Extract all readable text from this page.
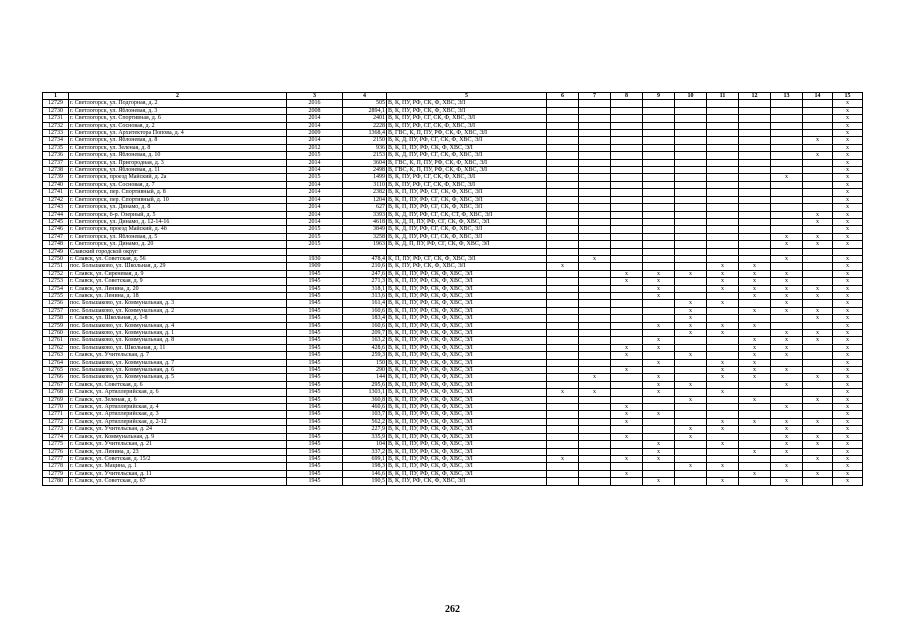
1	2	3	4	5	6	7	8	9	10	11	12	13	14	15
12729	г. Светлогорск, ул. Подгорная, д. 2	2016	505	В, К, ПУ, РФ, СК, Ф, ХВС, ЭЛ										х
12730	г. Светлогорск, ул. Яблоневая, д. 3	2008	2894,1	В, К, ПУ, РФ, СК, Ф, ХВС, ЭЛ										х
12731	г. Светлогорск, ул. Спортивная, д. 6	2014	2401	В, К, ПУ, РФ, СГ, СК, Ф, ХВС, ЭЛ										х
12732	г. Светлогорск, ул. Сосновая, д. 2	2014	2228	В, К, ПУ, РФ, СГ, СК, Ф, ХВС, ЭЛ										х
12733	г. Светлогорск, ул. Архитектора Попова, д. 4	2009	1368,4	В, ГВС, К, П, ПУ, РФ, СК, Ф, ХВС, ЭЛ										х
12734	г. Светлогорск, ул. Яблоневая, д. 8	2014	2150	В, К, Д, ПУ, РФ, СГ, СК, Ф, ХВС, ЭЛ									х	х
12735	г. Светлогорск, ул. Зеленая, д. 8	2012	936	В, К, П, ПУ, РФ, СК, Ф, ХВС, ЭЛ										х
12736	г. Светлогорск, ул. Яблоневая, д. 10	2015	2153	В, К, Д, ПУ, РФ, СГ, СК, Ф, ХВС, ЭЛ									х	х
12737	г. Светлогорск, ул. Пригородная, д. 3	2014	3604	В, ГВС, К, П, ПУ, РФ, СК, Ф, ХВС, ЭЛ										х
12738	г. Светлогорск, ул. Яблоневая, д. 11	2014	2498	В, ГВС, К, П, ПУ, РФ, СК, Ф, ХВС, ЭЛ										х
12739	г. Светлогорск, проезд Майский, д. 2а	2015	1499	В, К, ПУ, РФ, СГ, СК, Ф, ХВС, ЭЛ								х		х
12740	г. Светлогорск, ул. Сосновая, д. 7	2014	3110	В, К, ПУ, РФ, СГ, СК, Ф, ХВС, ЭЛ										х
12741	г. Светлогорск, пер. Спортивный, д. 8	2014	2382	В, К, П, ПУ, РФ, СГ, СК, Ф, ХВС, ЭЛ										х
12742	г. Светлогорск, пер. Спортивный, д. 10	2014	1204	В, К, П, ПУ, РФ, СГ, СК, Ф, ХВС, ЭЛ										х
12743	г. Светлогорск, ул. Динамо, д. 8	2014	627	В, К, П, ПУ, РФ, СГ, СК, Ф, ХВС, ЭЛ										х
12744	г. Светлогорск, б-р. Озерный, д. 5	2014	3393	В, К, Д, ПУ, РФ, СГ, СК, СТ, Ф, ХВС, ЭЛ									х	х
12745	г. Светлогорск, ул. Динамо, д. 12-14-16	2014	4618	В, К, Д, П, ПУ, РФ, СГ, СК, Ф, ХВС, ЭЛ									х	х
12746	г. Светлогорск, проезд Майский, д. 4б	2015	3849	В, К, Д, ПУ, РФ, СГ, СК, Ф, ХВС, ЭЛ										х
12747	г. Светлогорск, ул. Яблоневая, д. 5	2015	3258	В, К, Д, ПУ, РФ, СГ, СК, Ф, ХВС, ЭЛ								х	х	х
12748	г. Светлогорск, ул. Динамо, д. 20	2015	1963	В, К, Д, П, ПУ, РФ, СГ, СК, Ф, ХВС, ЭЛ								х	х	х
12749	Славский городской округ													
12750	г. Славск, ул. Советская, д. 56	1930	478,4	К, П, ПУ, РФ, СГ, СК, Ф, ХВС, ЭЛ		х						х		х
12751	пос. Большаково, ул. Школьная, д. 29	1909	210,6	В, К, ПУ, РФ, СК, Ф, ХВС, ЭЛ	х					х	х			х
12752	г. Славск, ул. Сиреневая, д. 9	1945	247,6	В, К, П, ПУ, РФ, СК, Ф, ХВС, ЭЛ			х	х	х	х	х	х		х
12753	г. Славск, ул. Советская, д. 9	1945	271,3	В, К, П, ПУ, РФ, СК, Ф, ХВС, ЭЛ			х	х		х	х	х		х
12754	г. Славск, ул. Ленина, д. 20	1945	318,1	В, К, П, ПУ, РФ, СК, Ф, ХВС, ЭЛ				х		х	х	х	х	х
12755	г. Славск, ул. Ленина, д. 18	1945	313,6	В, К, П, ПУ, РФ, СК, Ф, ХВС, ЭЛ				х			х	х	х	х
12756	пос. Большаково, ул. Коммунальная, д. 3	1945	161,4	В, К, П, ПУ, РФ, СК, Ф, ХВС, ЭЛ					х	х		х		х
12757	пос. Большаково, ул. Коммунальная, д. 2	1945	160,6	В, К, П, ПУ, РФ, СК, Ф, ХВС, ЭЛ					х		х	х	х	х
12758	г. Славск, ул. Школьная, д. 1-8	1945	183,4	В, К, П, ПУ, РФ, СК, Ф, ХВС, ЭЛ					х				х	х
12759	пос. Большаково, ул. Коммунальная, д. 4	1945	160,6	В, К, П, ПУ, РФ, СК, Ф, ХВС, ЭЛ				х	х	х	х			х
12760	пос. Большаково, ул. Коммунальная, д. 1	1945	209,7	В, К, П, ПУ, РФ, СК, Ф, ХВС, ЭЛ					х	х		х	х	х
12761	пос. Большаково, ул. Коммунальная, д. 8	1945	163,2	В, К, П, ПУ, РФ, СК, Ф, ХВС, ЭЛ				х			х	х	х	х
12762	пос. Большаково, ул. Школьная, д. 11	1945	428,6	В, К, П, ПУ, РФ, СК, Ф, ХВС, ЭЛ			х	х			х	х		х
12763	г. Славск, ул. Учительская, д. 7	1945	259,3	В, К, П, ПУ, РФ, СК, Ф, ХВС, ЭЛ			х		х		х	х		х
12764	пос. Большаково, ул. Коммунальная, д. 7	1945	150	В, К, П, ПУ, РФ, СК, Ф, ХВС, ЭЛ				х		х	х			х
12765	пос. Большаково, ул. Коммунальная, д. 6	1945	290	В, К, П, ПУ, РФ, СК, Ф, ХВС, ЭЛ			х			х	х	х		х
12766	пос. Большаково, ул. Коммунальная, д. 5	1945	144	В, К, П, ПУ, РФ, СК, Ф, ХВС, ЭЛ		х		х		х	х		х	х
12767	г. Славск, ул. Советская, д. 6	1945	295,6	В, К, П, ПУ, РФ, СК, Ф, ХВС, ЭЛ				х	х			х		х
12768	г. Славск, ул. Артиллерийская, д. 6	1945	1303,1	В, К, П, ПУ, РФ, СК, Ф, ХВС, ЭЛ	х	х		х		х				х
12769	г. Славск, ул. Зеленая, д. 6	1945	360,8	В, К, П, ПУ, РФ, СК, Ф, ХВС, ЭЛ					х		х		х	х
12770	г. Славск, ул. Артиллерийская, д. 4	1945	460,6	В, К, П, ПУ, РФ, СК, Ф, ХВС, ЭЛ			х					х		х
12771	г. Славск, ул. Артиллерийская, д. 3	1945	103,7	В, К, П, ПУ, РФ, СК, Ф, ХВС, ЭЛ			х	х						х
12772	г. Славск, ул. Артиллерийская, д. 2-12	1945	562,2	В, К, П, ПУ, РФ, СК, Ф, ХВС, ЭЛ			х			х	х	х	х	х
12773	г. Славск, ул. Учительская, д. 24	1945	227,9	В, К, П, ПУ, РФ, СК, Ф, ХВС, ЭЛ					х	х		х		х
12774	г. Славск, ул. Коммунальная, д. 9	1945	335,9	В, К, П, ПУ, РФ, СК, Ф, ХВС, ЭЛ			х		х			х	х	х
12775	г. Славск, ул. Учительская, д. 21	1945	104	В, К, П, ПУ, РФ, СК, Ф, ХВС, ЭЛ				х		х		х	х	х
12776	г. Славск, ул. Ленина, д. 23	1945	337,2	В, К, П, ПУ, РФ, СК, Ф, ХВС, ЭЛ				х			х	х		х
12777	г. Славск, ул. Советская, д. 15/2	1945	699,1	В, К, П, ПУ, РФ, СК, Ф, ХВС, ЭЛ	х		х	х					х	х
12778	г. Славск, ул. Мацина, д. 1	1945	198,3	В, К, П, ПУ, РФ, СК, Ф, ХВС, ЭЛ					х	х		х		х
12779	г. Славск, ул. Учительская, д. 11	1945	146,6	В, К, П, ПУ, РФ, СК, Ф, ХВС, ЭЛ			х				х		х	х
12780	г. Славск, ул. Советская, д. 67	1945	190,5	В, К, ПУ, РФ, СК, Ф, ХВС, ЭЛ				х		х		х		х
262
